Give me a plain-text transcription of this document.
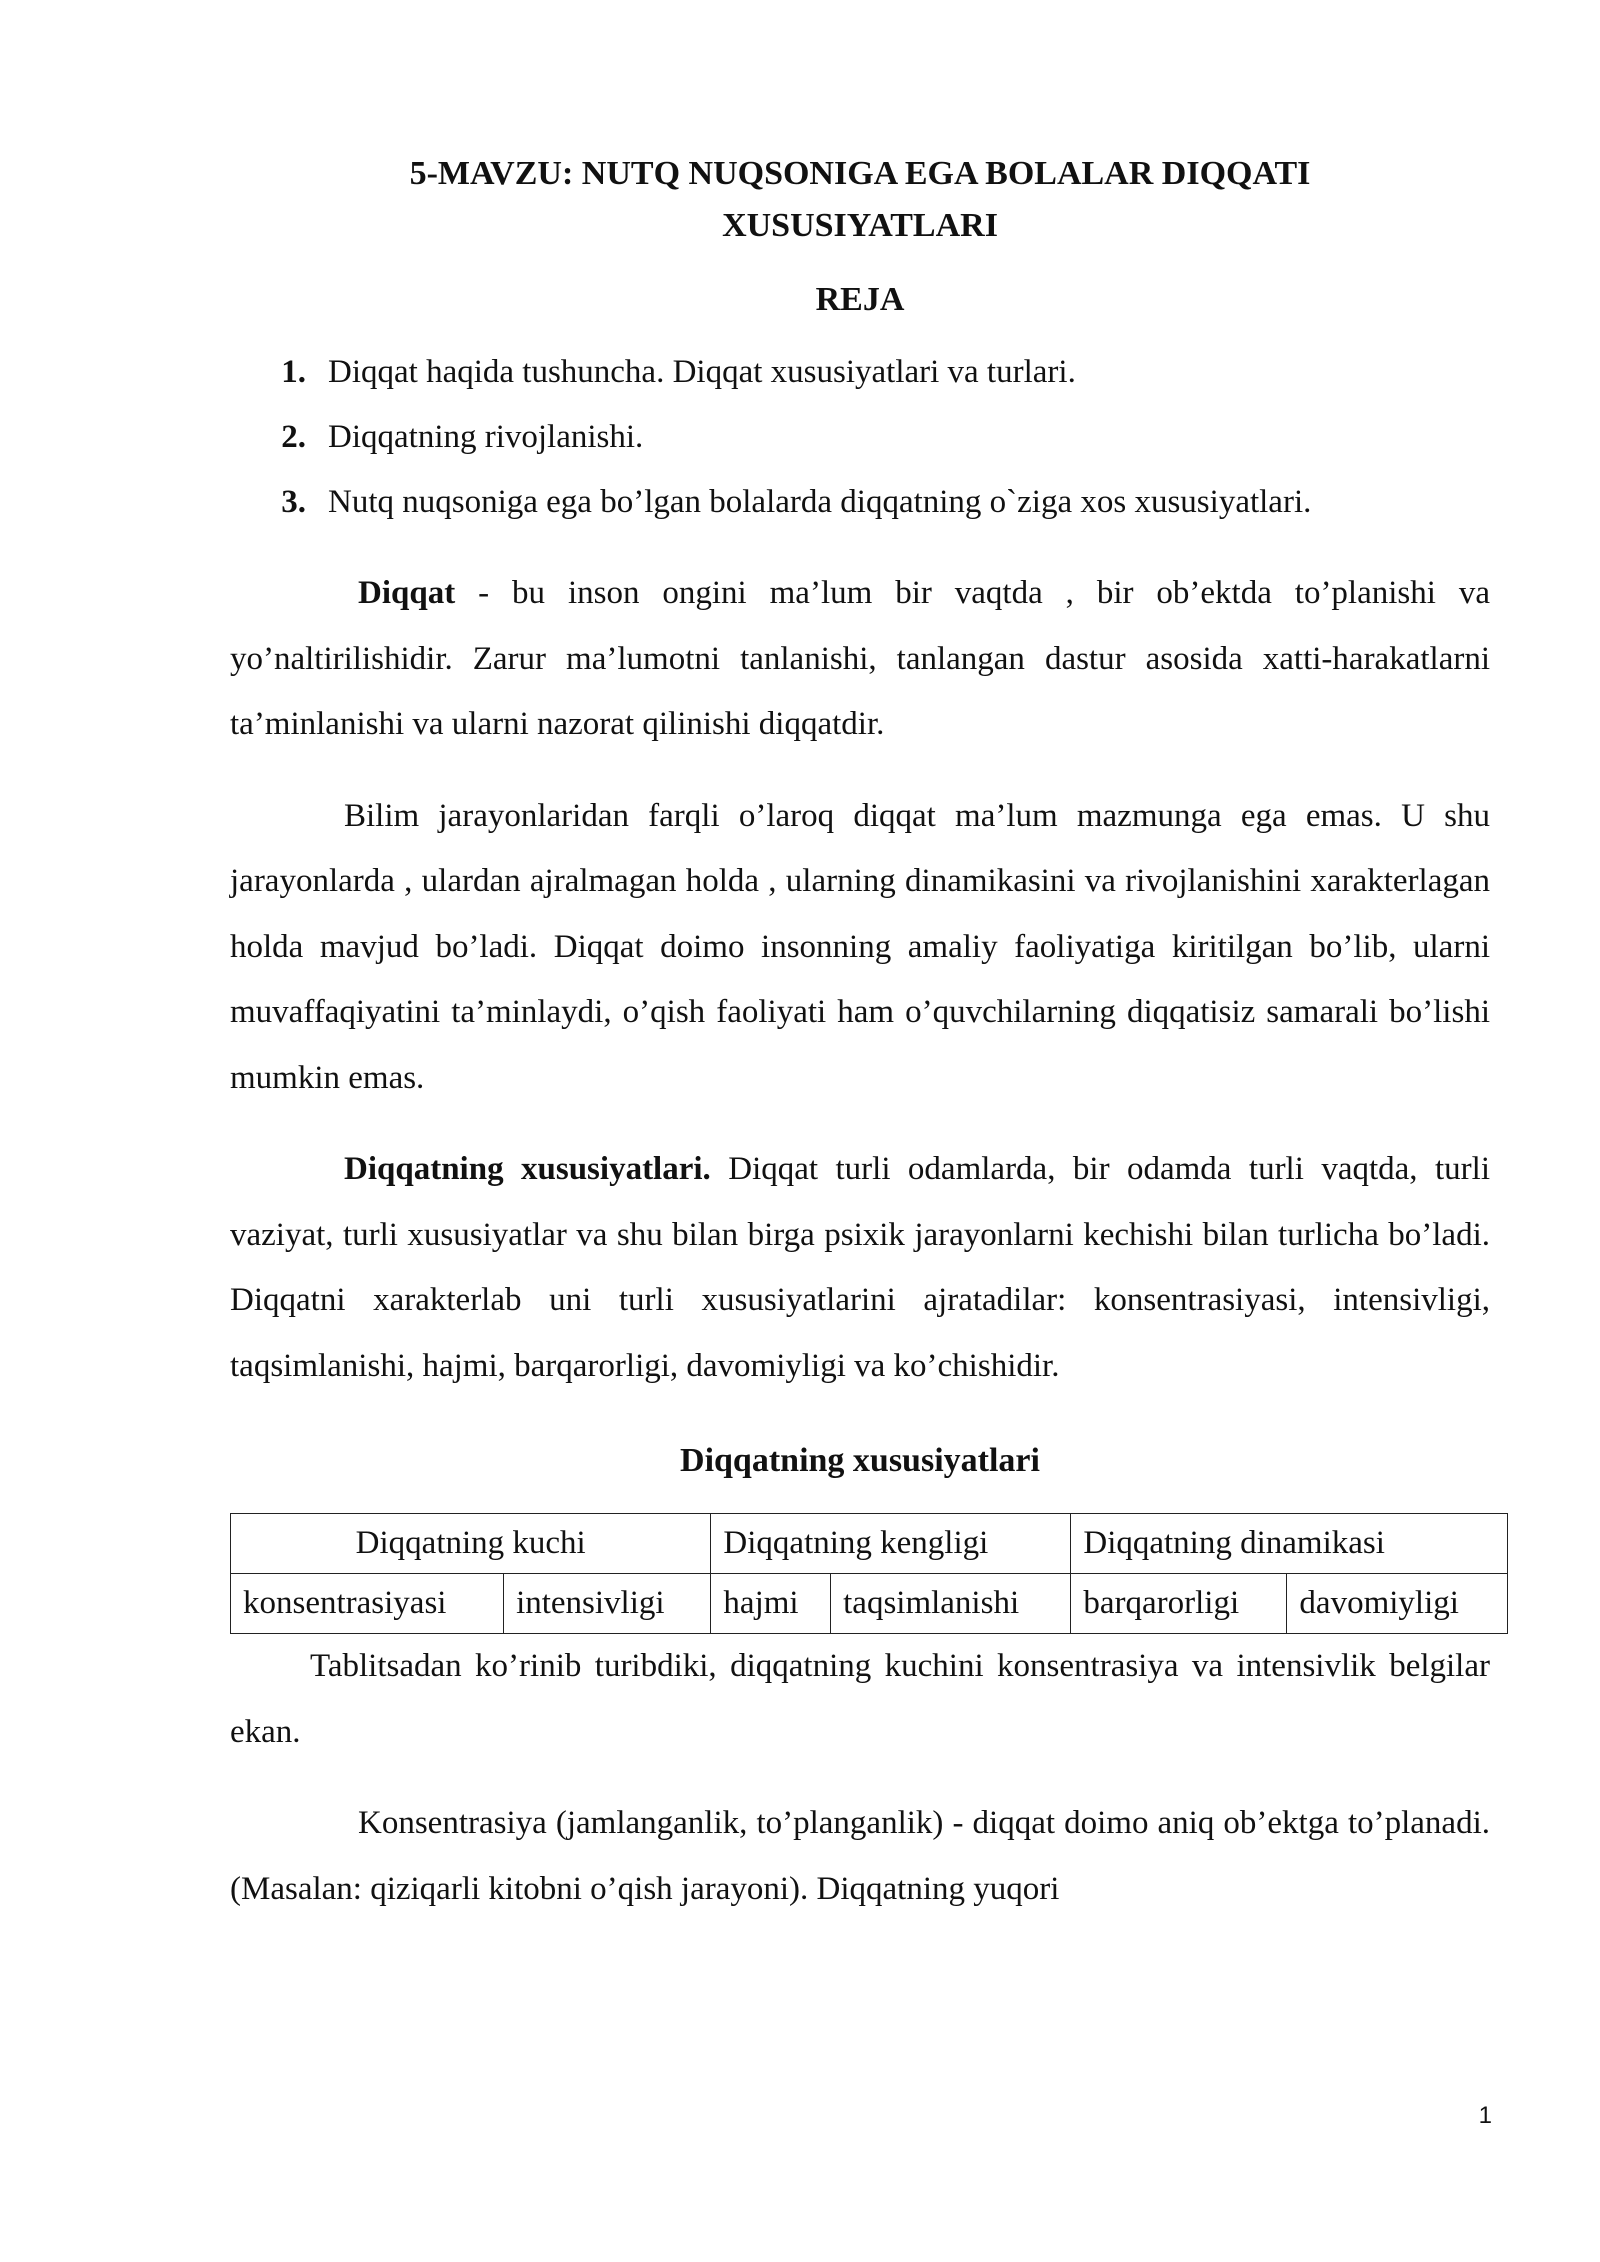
5-MAVZU: NUTQ NUQSONIGA EGA BOLALAR DIQQATI
XUSUSIYATLARI

REJA

1. Diqqat haqida tushuncha. Diqqat xususiyatlari va turlari.
2. Diqqatning rivojlanishi.
3. Nutq nuqsoniga ega bo’lgan bolalarda diqqatning o`ziga xos xususiyatlari.

Diqqat - bu inson ongini ma’lum bir vaqtda , bir ob’ektda to’planishi va yo’naltirilishidir. Zarur ma’lumotni tanlanishi, tanlangan dastur asosida xatti-harakatlarni ta’minlanishi va ularni nazorat qilinishi diqqatdir.

Bilim jarayonlaridan farqli o’laroq diqqat ma’lum mazmunga ega emas. U shu jarayonlarda , ulardan ajralmagan holda , ularning dinamikasini va rivojlanishini xarakterlagan holda mavjud bo’ladi. Diqqat doimo insonning amaliy faoliyatiga kiritilgan bo’lib, ularni muvaffaqiyatini ta’minlaydi, o’qish faoliyati ham o’quvchilarning diqqatisiz samarali bo’lishi mumkin emas.

Diqqatning xususiyatlari. Diqqat turli odamlarda, bir odamda turli vaqtda, turli vaziyat, turli xususiyatlar va shu bilan birga psixik jarayonlarni kechishi bilan turlicha bo’ladi. Diqqatni xarakterlab uni turli xususiyatlarini ajratadilar: konsentrasiyasi, intensivligi, taqsimlanishi, hajmi, barqarorligi, davomiyligi va ko’chishidir.

Diqqatning xususiyatlari

Diqqatning kuchi		Diqqatning kengligi		Diqqatning dinamikasi	
konsentrasiyasi	intensivligi	hajmi	taqsimlanishi	barqarorligi	davomiyligi

Tablitsadan ko’rinib turibdiki, diqqatning kuchini konsentrasiya va intensivlik belgilar ekan.

Konsentrasiya (jamlanganlik, to’planganlik) - diqqat doimo aniq ob’ektga to’planadi. (Masalan: qiziqarli kitobni o’qish jarayoni). Diqqatning yuqori

1
